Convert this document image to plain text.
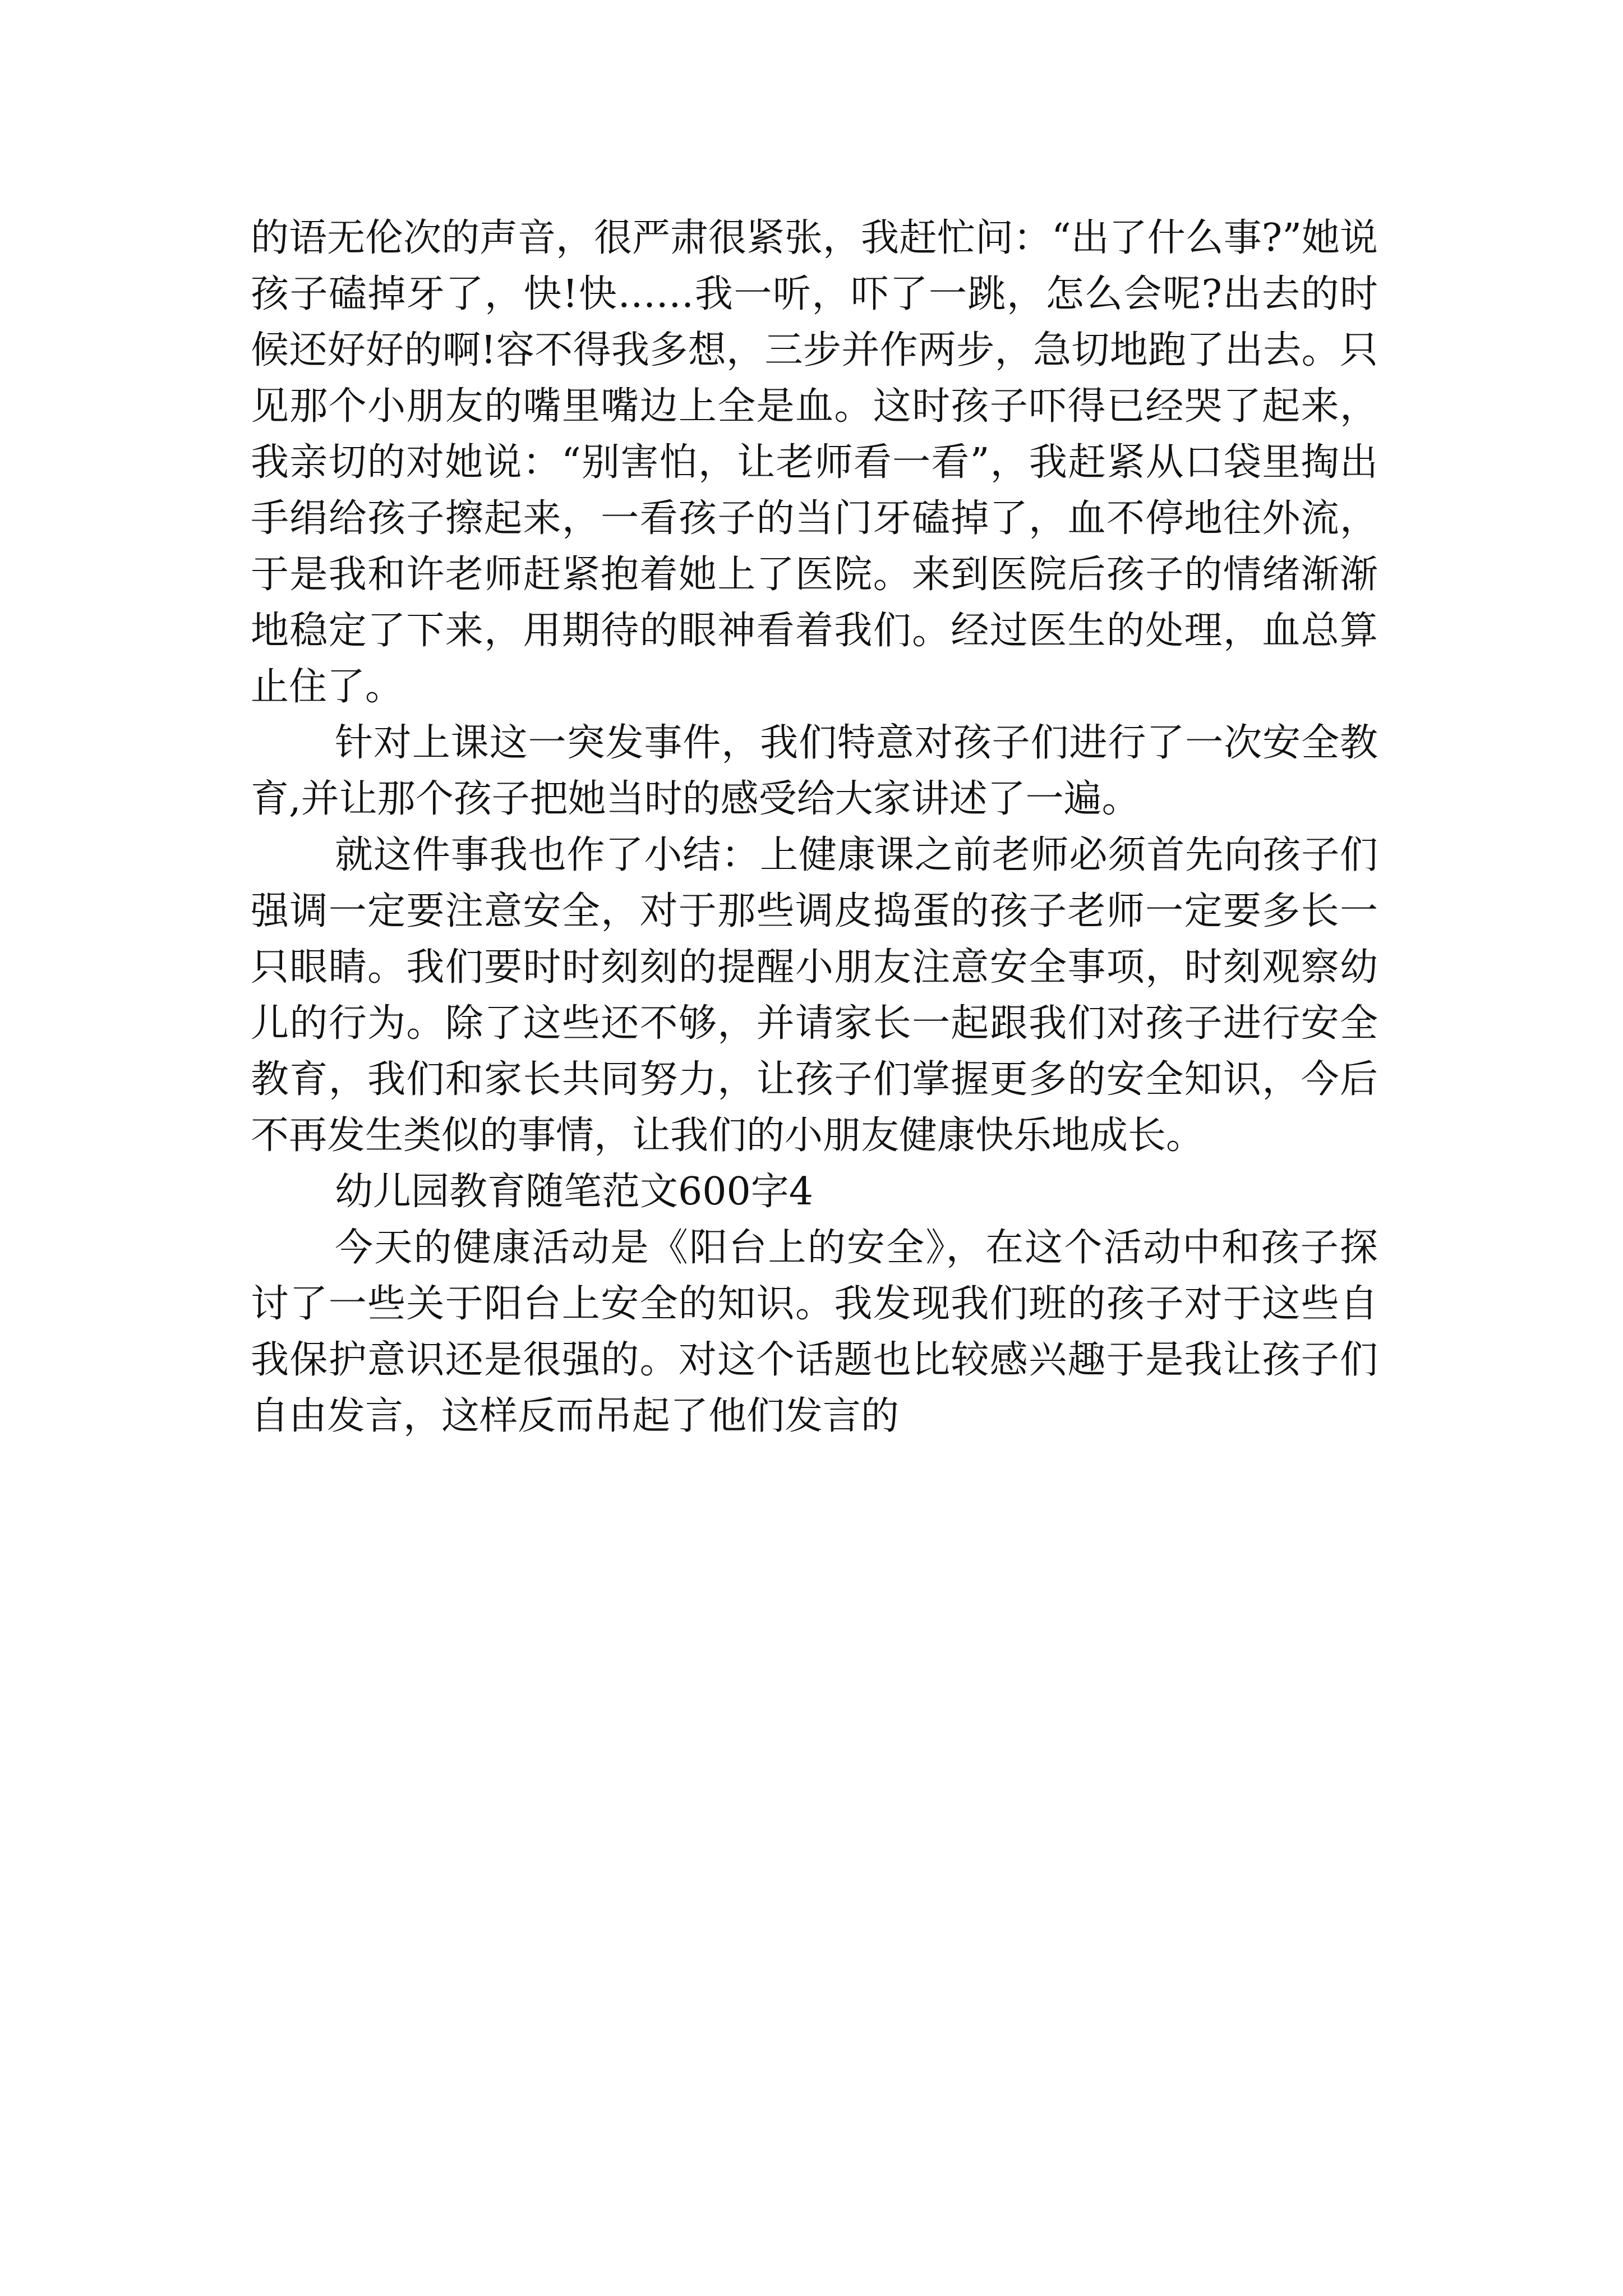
的语无伦次的声音，很严肃很紧张，我赶忙问：“出了什么事?”她说孩子磕掉牙了，快!快……我一听，吓了一跳，怎么会呢?出去的时候还好好的啊!容不得我多想，三步并作两步，急切地跑了出去。只见那个小朋友的嘴里嘴边上全是血。这时孩子吓得已经哭了起来，我亲切的对她说：“别害怕，让老师看一看”，我赶紧从口袋里掏出手绢给孩子擦起来，一看孩子的当门牙磕掉了，血不停地往外流，于是我和许老师赶紧抱着她上了医院。来到医院后孩子的情绪渐渐地稳定了下来，用期待的眼神看着我们。经过医生的处理，血总算止住了。

针对上课这一突发事件，我们特意对孩子们进行了一次安全教育,并让那个孩子把她当时的感受给大家讲述了一遍。

就这件事我也作了小结：上健康课之前老师必须首先向孩子们强调一定要注意安全，对于那些调皮捣蛋的孩子老师一定要多长一只眼睛。我们要时时刻刻的提醒小朋友注意安全事项，时刻观察幼儿的行为。除了这些还不够，并请家长一起跟我们对孩子进行安全教育，我们和家长共同努力，让孩子们掌握更多的安全知识，今后不再发生类似的事情，让我们的小朋友健康快乐地成长。

幼儿园教育随笔范文600字4

今天的健康活动是《阳台上的安全》，在这个活动中和孩子探讨了一些关于阳台上安全的知识。我发现我们班的孩子对于这些自我保护意识还是很强的。对这个话题也比较感兴趣于是我让孩子们自由发言，这样反而吊起了他们发言的
